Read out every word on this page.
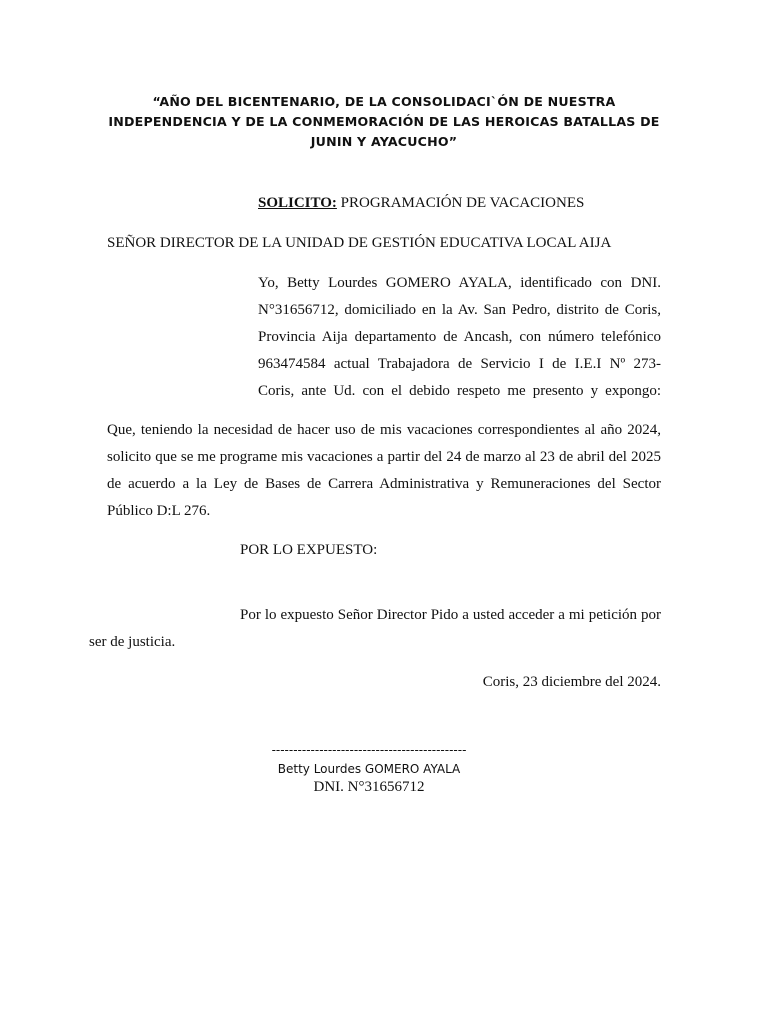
“AÑO DEL BICENTENARIO, DE LA CONSOLIDACI`ÓN DE NUESTRA INDEPENDENCIA Y DE LA CONMEMORACIÓN DE LAS HEROICAS BATALLAS DE JUNIN Y AYACUCHO”
SOLICITO: PROGRAMACIÓN DE VACACIONES
SEÑOR DIRECTOR DE LA UNIDAD DE GESTIÓN EDUCATIVA LOCAL AIJA
Yo, Betty Lourdes GOMERO AYALA, identificado con DNI.
N°31656712, domiciliado en la Av. San Pedro, distrito de Coris,
Provincia Aija departamento de Ancash, con número telefónico
963474584 actual Trabajadora de Servicio I de I.E.I Nº 273-
Coris, ante Ud. con el debido respeto me presento y expongo:
Que, teniendo la necesidad de hacer uso de mis vacaciones correspondientes al año 2024,
solicito que se me programe mis vacaciones a partir del 24 de marzo al 23 de abril del 2025
de acuerdo a la Ley de Bases de Carrera Administrativa y Remuneraciones del Sector
Público D:L 276.
POR LO EXPUESTO:
Por lo expuesto Señor Director Pido a usted acceder a mi petición por
ser de justicia.
Coris, 23 diciembre del 2024.
---------------------------------------------
Betty Lourdes GOMERO AYALA
DNI. N°31656712
